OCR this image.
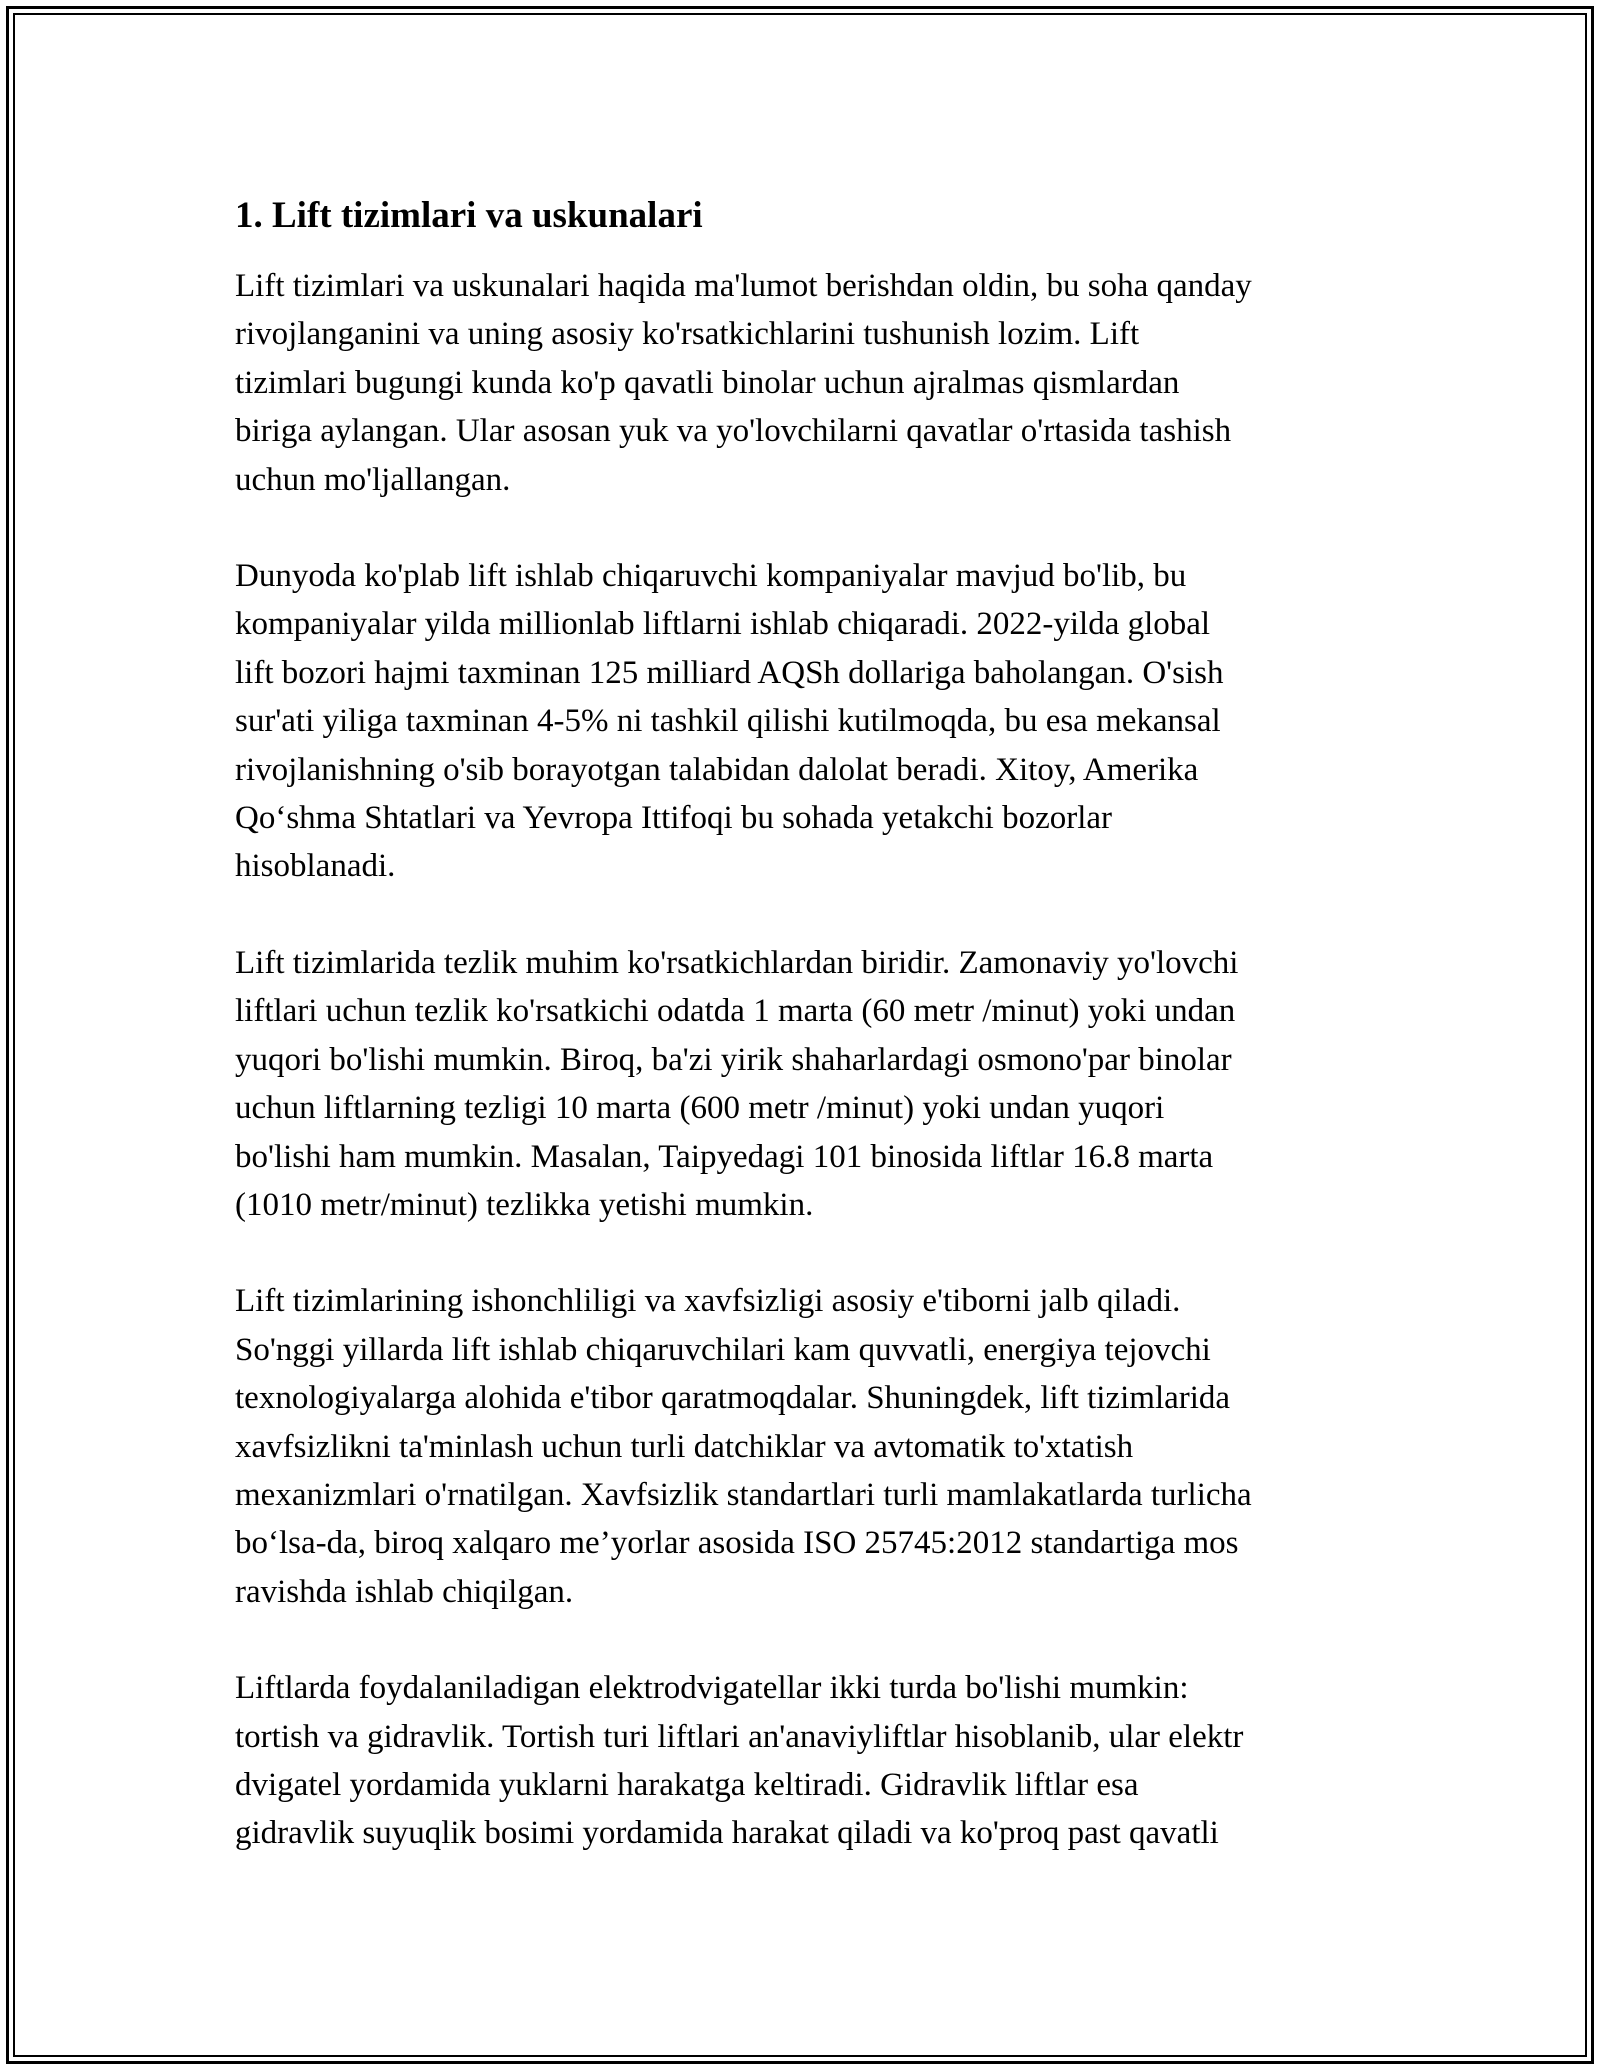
1. Lift tizimlari va uskunalari

Lift tizimlari va uskunalari haqida ma'lumot berishdan oldin, bu soha qanday
rivojlanganini va uning asosiy ko'rsatkichlarini tushunish lozim. Lift
tizimlari bugungi kunda ko'p qavatli binolar uchun ajralmas qismlardan
biriga aylangan. Ular asosan yuk va yo'lovchilarni qavatlar o'rtasida tashish
uchun mo'ljallangan.

Dunyoda ko'plab lift ishlab chiqaruvchi kompaniyalar mavjud bo'lib, bu
kompaniyalar yilda millionlab liftlarni ishlab chiqaradi. 2022-yilda global
lift bozori hajmi taxminan 125 milliard AQSh dollariga baholangan. O'sish
sur'ati yiliga taxminan 4-5% ni tashkil qilishi kutilmoqda, bu esa mekansal
rivojlanishning o'sib borayotgan talabidan dalolat beradi. Xitoy, Amerika
Qo‘shma Shtatlari va Yevropa Ittifoqi bu sohada yetakchi bozorlar
hisoblanadi.

Lift tizimlarida tezlik muhim ko'rsatkichlardan biridir. Zamonaviy yo'lovchi
liftlari uchun tezlik ko'rsatkichi odatda 1 marta (60 metr /minut) yoki undan
yuqori bo'lishi mumkin. Biroq, ba'zi yirik shaharlardagi osmono'par binolar
uchun liftlarning tezligi 10 marta (600 metr /minut) yoki undan yuqori
bo'lishi ham mumkin. Masalan, Taipyedagi 101 binosida liftlar 16.8 marta
(1010 metr/minut) tezlikka yetishi mumkin.

Lift tizimlarining ishonchliligi va xavfsizligi asosiy e'tiborni jalb qiladi.
So'nggi yillarda lift ishlab chiqaruvchilari kam quvvatli, energiya tejovchi
texnologiyalarga alohida e'tibor qaratmoqdalar. Shuningdek, lift tizimlarida
xavfsizlikni ta'minlash uchun turli datchiklar va avtomatik to'xtatish
mexanizmlari o'rnatilgan. Xavfsizlik standartlari turli mamlakatlarda turlicha
bo‘lsa-da, biroq xalqaro me’yorlar asosida ISO 25745:2012 standartiga mos
ravishda ishlab chiqilgan.

Liftlarda foydalaniladigan elektrodvigatellar ikki turda bo'lishi mumkin:
tortish va gidravlik. Tortish turi liftlari an'anaviyliftlar hisoblanib, ular elektr
dvigatel yordamida yuklarni harakatga keltiradi. Gidravlik liftlar esa
gidravlik suyuqlik bosimi yordamida harakat qiladi va ko'proq past qavatli
